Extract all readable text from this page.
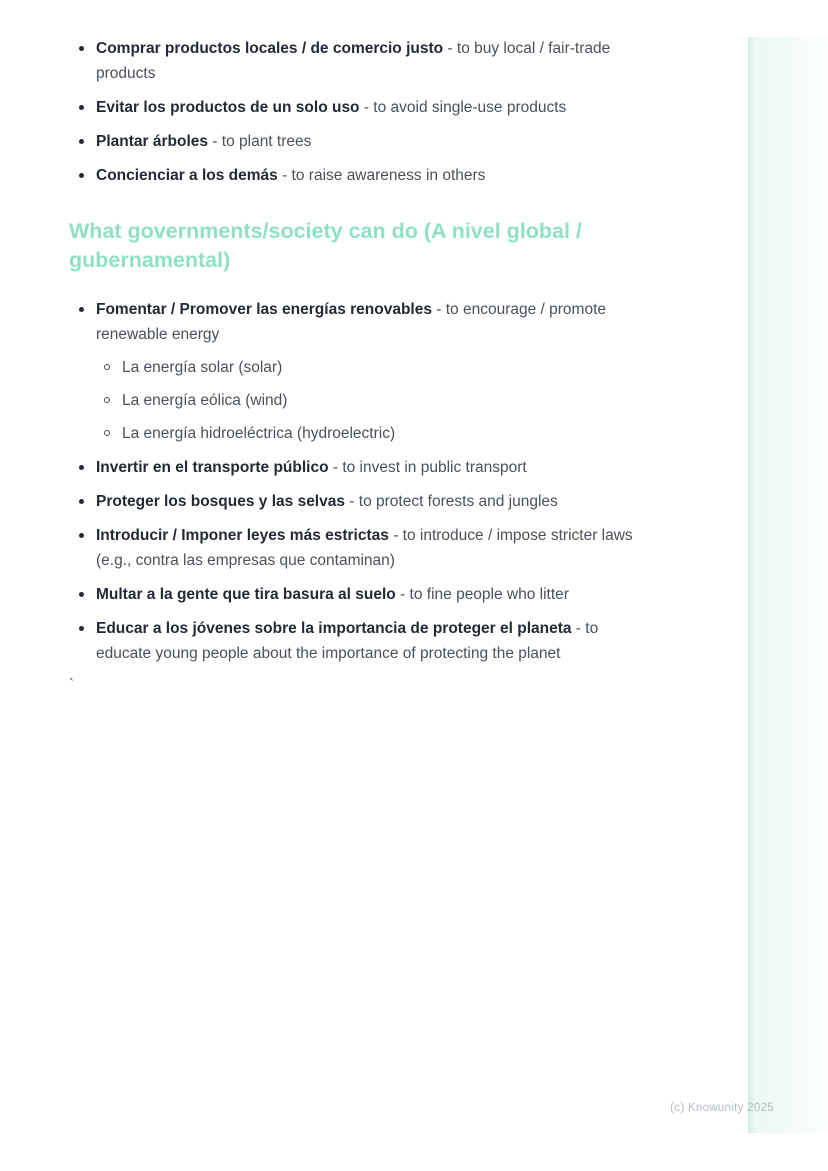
Comprar productos locales / de comercio justo - to buy local / fair-trade products
Evitar los productos de un solo uso - to avoid single-use products
Plantar árboles - to plant trees
Concienciar a los demás - to raise awareness in others
What governments/society can do (A nivel global / gubernamental)
Fomentar / Promover las energías renovables - to encourage / promote renewable energy
La energía solar (solar)
La energía eólica (wind)
La energía hidroeléctrica (hydroelectric)
Invertir en el transporte público - to invest in public transport
Proteger los bosques y las selvas - to protect forests and jungles
Introducir / Imponer leyes más estrictas - to introduce / impose stricter laws (e.g., contra las empresas que contaminan)
Multar a la gente que tira basura al suelo - to fine people who litter
Educar a los jóvenes sobre la importancia de proteger el planeta - to educate young people about the importance of protecting the planet

`

(c) Knowunity 2025
